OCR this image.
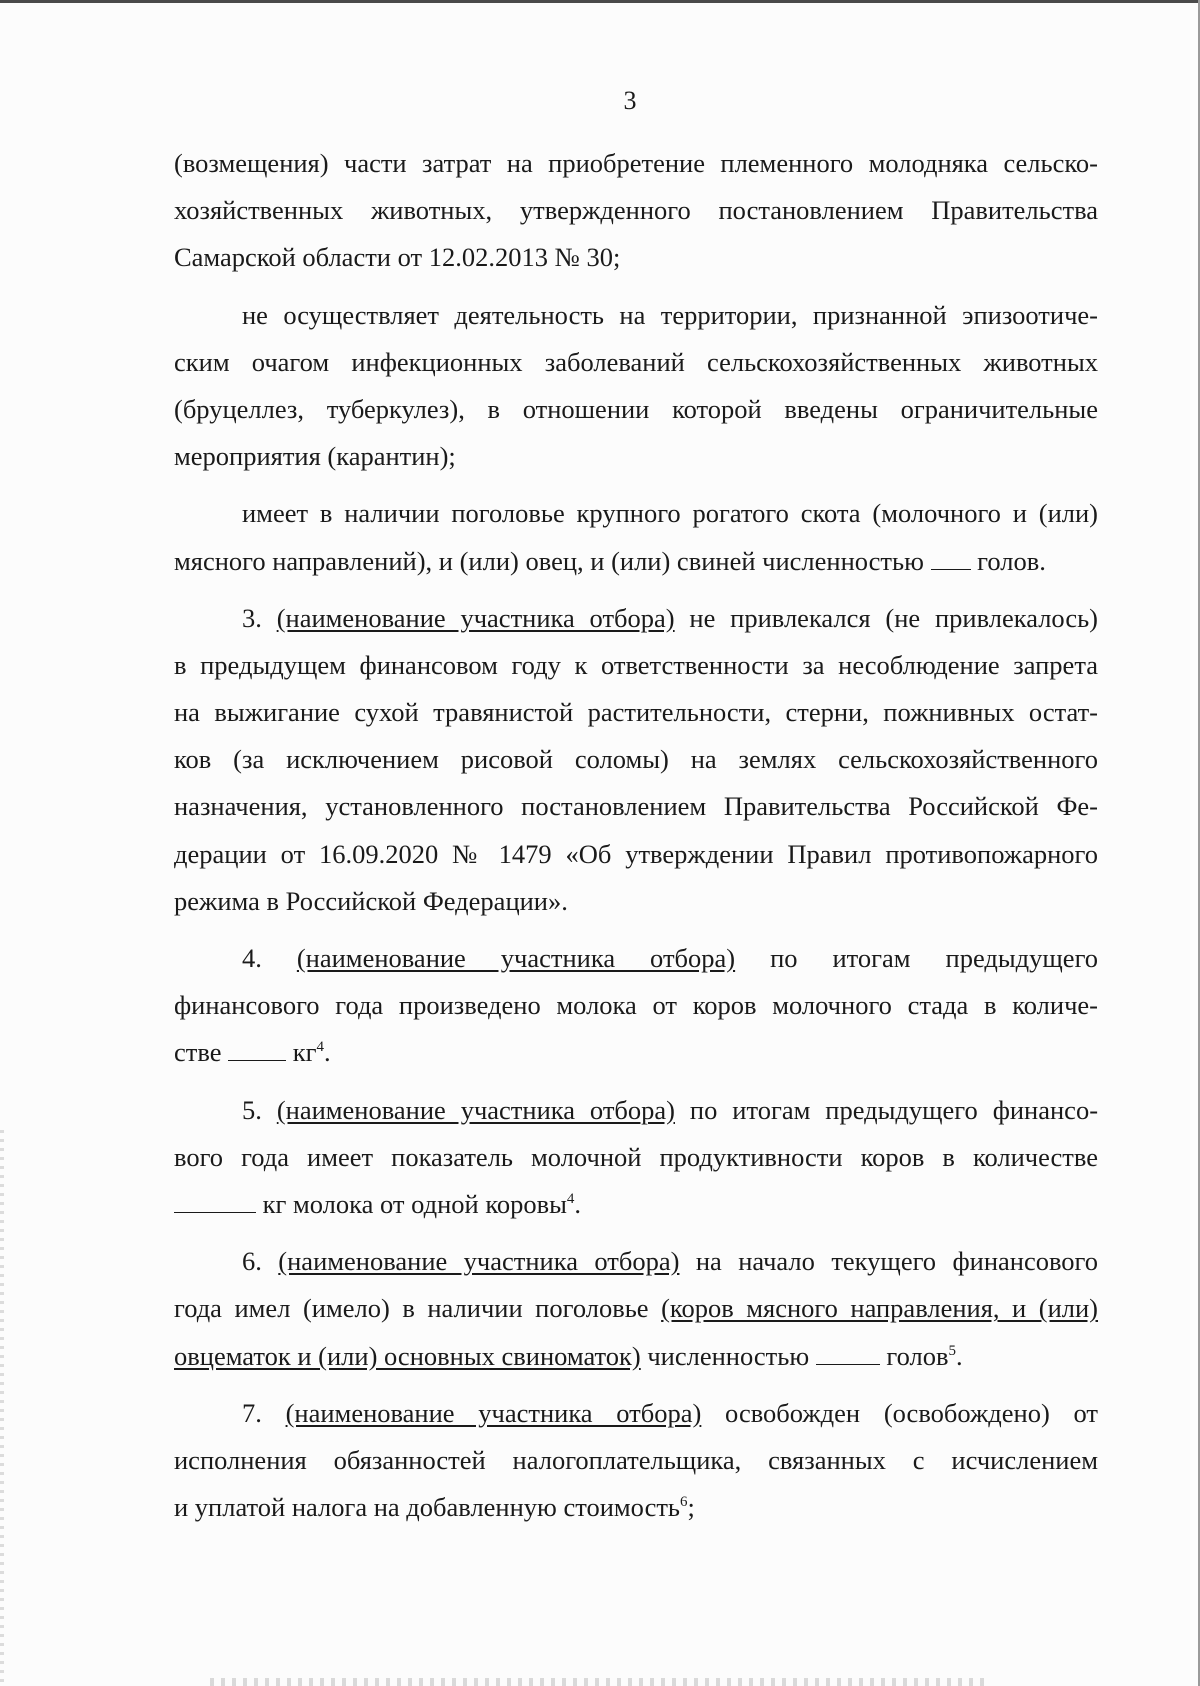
3
(возмещения) части затрат на приобретение племенного молодняка сельско-
хозяйственных животных, утвержденного постановлением Правительства
Самарской области от 12.02.2013 № 30;
не осуществляет деятельность на территории, признанной эпизоотиче-
ским очагом инфекционных заболеваний сельскохозяйственных животных
(бруцеллез, туберкулез), в отношении которой введены ограничительные
мероприятия (карантин);
имеет в наличии поголовье крупного рогатого скота (молочного и (или)
мясного направлений), и (или) овец, и (или) свиней численностью голов.
3. (наименование участника отбора) не привлекался (не привлекалось)
в предыдущем финансовом году к ответственности за несоблюдение запрета
на выжигание сухой травянистой растительности, стерни, пожнивных остат-
ков (за исключением рисовой соломы) на землях сельскохозяйственного
назначения, установленного постановлением Правительства Российской Фе-
дерации от 16.09.2020 № 1479 «Об утверждении Правил противопожарного
режима в Российской Федерации».
4. (наименование участника отбора) по итогам предыдущего
финансового года произведено молока от коров молочного стада в количе-
стве	$кг^4$.
5. (наименование участника отбора) по итогам предыдущего финансо-
вого года имеет показатель молочной продуктивности коров в количестве
кг молока от одной коровы$^4$.
6. (наименование участника отбора) на начало текущего финансового
года имел (имело) в наличии поголовье (коров мясного направления, и (или)
овцематок и (или) основных свиноматок) численностью	голов$^5$.
7. (наименование участника отбора) освобожден (освобождено) от
исполнения обязанностей налогоплательщика, связанных с исчислением
и уплатой налога на добавленную стоимость$^6$;
